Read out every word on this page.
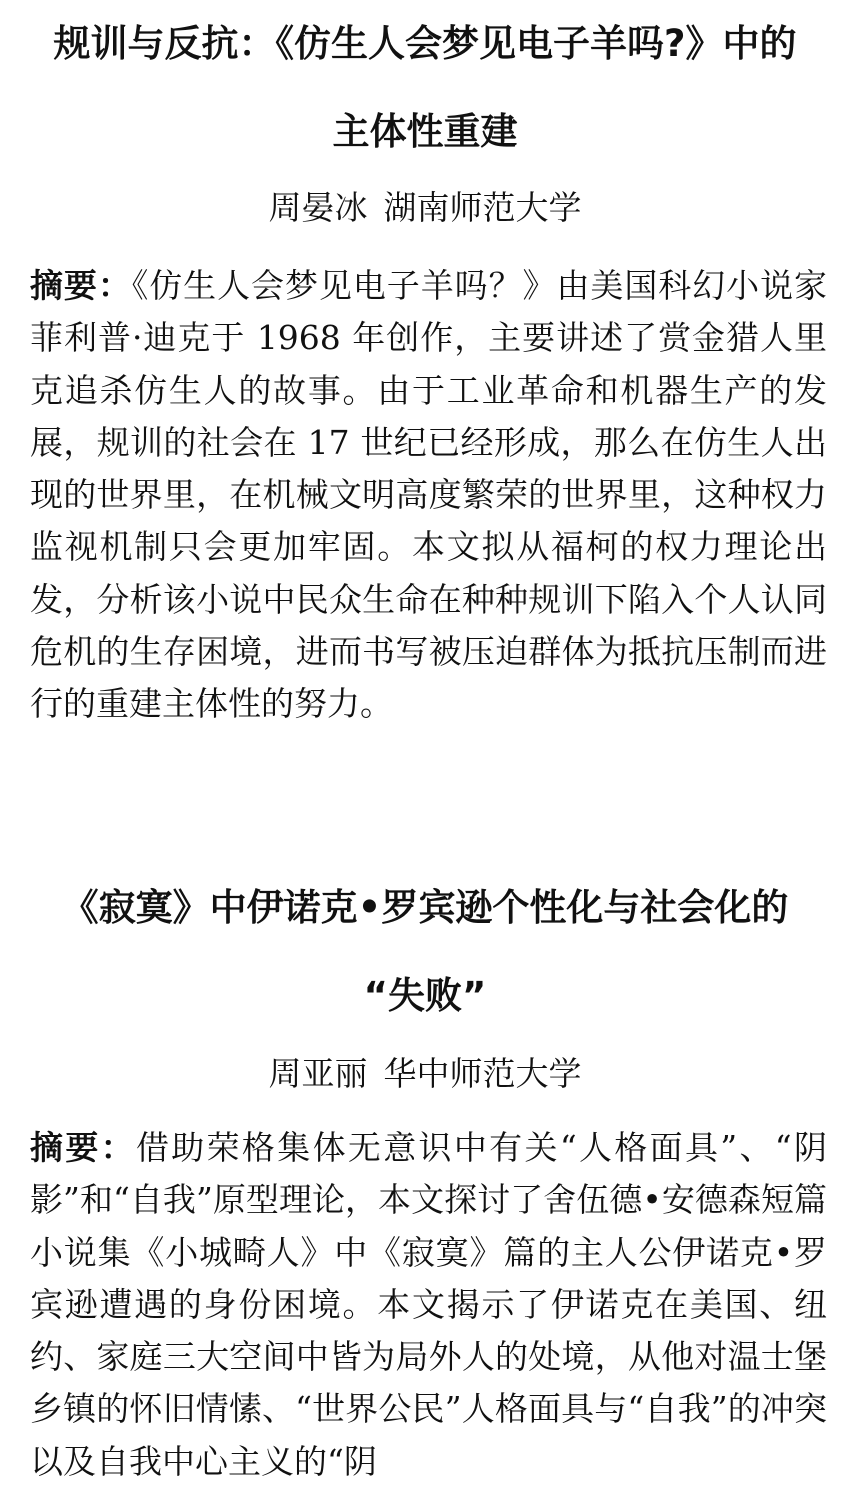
规训与反抗：《仿生人会梦见电子羊吗?》中的
主体性重建
周晏冰 湖南师范大学

摘要：《仿生人会梦见电子羊吗？》由美国科幻小说家菲利普·迪克于 1968 年创作，主要讲述了赏金猎人里克追杀仿生人的故事。由于工业革命和机器生产的发展，规训的社会在 17 世纪已经形成，那么在仿生人出现的世界里，在机械文明高度繁荣的世界里，这种权力监视机制只会更加牢固。本文拟从福柯的权力理论出发，分析该小说中民众生命在种种规训下陷入个人认同危机的生存困境，进而书写被压迫群体为抵抗压制而进行的重建主体性的努力。

《寂寞》中伊诺克•罗宾逊个性化与社会化的
“失败”
周亚丽 华中师范大学

摘要：借助荣格集体无意识中有关“人格面具”、“阴影”和“自我”原型理论，本文探讨了舍伍德•安德森短篇小说集《小城畸人》中《寂寞》篇的主人公伊诺克•罗宾逊遭遇的身份困境。本文揭示了伊诺克在美国、纽约、家庭三大空间中皆为局外人的处境，从他对温士堡乡镇的怀旧情愫、“世界公民”人格面具与“自我”的冲突以及自我中心主义的“阴
